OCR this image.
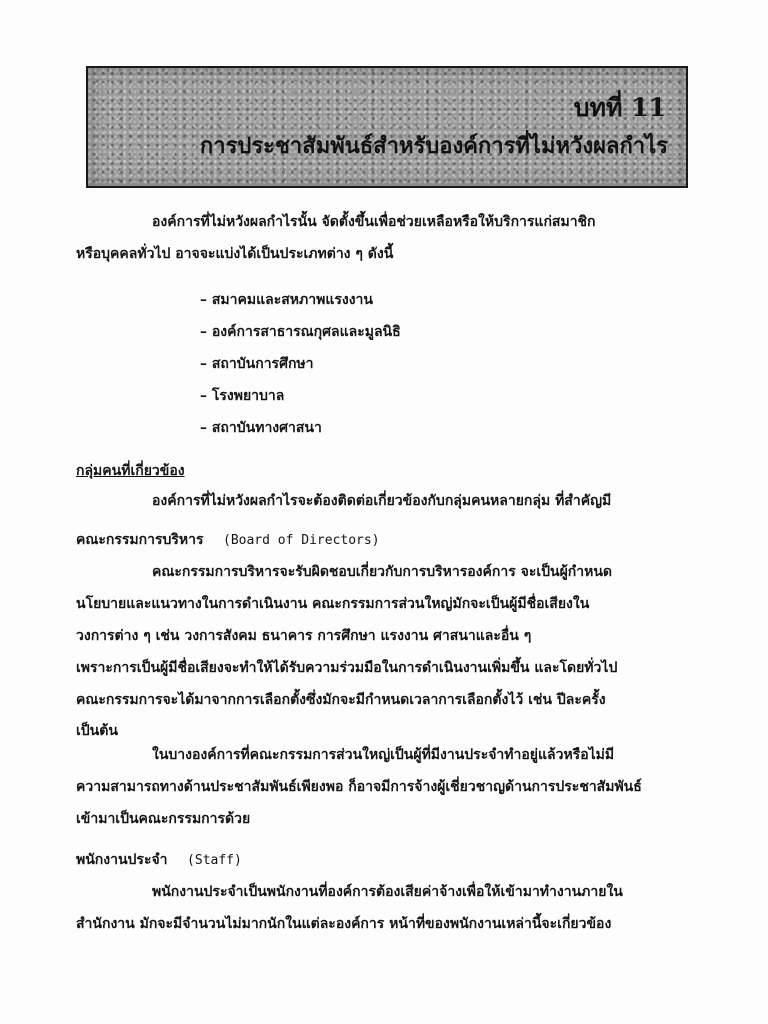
บทที่ 11
การประชาสัมพันธ์สำหรับองค์การที่ไม่หวังผลกำไร
องค์การที่ไม่หวังผลกำไรนั้น จัดตั้งขึ้นเพื่อช่วยเหลือหรือให้บริการแก่สมาชิก
หรือบุคคลทั่วไป อาจจะแบ่งได้เป็นประเภทต่าง ๆ ดังนี้
– สมาคมและสหภาพแรงงาน
– องค์การสาธารณกุศลและมูลนิธิ
– สถาบันการศึกษา
– โรงพยาบาล
– สถาบันทางศาสนา
กลุ่มคนที่เกี่ยวข้อง
องค์การที่ไม่หวังผลกำไรจะต้องติดต่อเกี่ยวข้องกับกลุ่มคนหลายกลุ่ม ที่สำคัญมี
คณะกรรมการบริหาร (Board of Directors)
คณะกรรมการบริหารจะรับผิดชอบเกี่ยวกับการบริหารองค์การ จะเป็นผู้กำหนด
นโยบายและแนวทางในการดำเนินงาน คณะกรรมการส่วนใหญ่มักจะเป็นผู้มีชื่อเสียงใน
วงการต่าง ๆ เช่น วงการสังคม ธนาคาร การศึกษา แรงงาน ศาสนาและอื่น ๆ
เพราะการเป็นผู้มีชื่อเสียงจะทำให้ได้รับความร่วมมือในการดำเนินงานเพิ่มขึ้น และโดยทั่วไป
คณะกรรมการจะได้มาจากการเลือกตั้งซึ่งมักจะมีกำหนดเวลาการเลือกตั้งไว้ เช่น ปีละครั้ง
เป็นต้น
ในบางองค์การที่คณะกรรมการส่วนใหญ่เป็นผู้ที่มีงานประจำทำอยู่แล้วหรือไม่มี
ความสามารถทางด้านประชาสัมพันธ์เพียงพอ ก็อาจมีการจ้างผู้เชี่ยวชาญด้านการประชาสัมพันธ์
เข้ามาเป็นคณะกรรมการด้วย
พนักงานประจำ (Staff)
พนักงานประจำเป็นพนักงานที่องค์การต้องเสียค่าจ้างเพื่อให้เข้ามาทำงานภายใน
สำนักงาน มักจะมีจำนวนไม่มากนักในแต่ละองค์การ หน้าที่ของพนักงานเหล่านี้จะเกี่ยวข้อง
